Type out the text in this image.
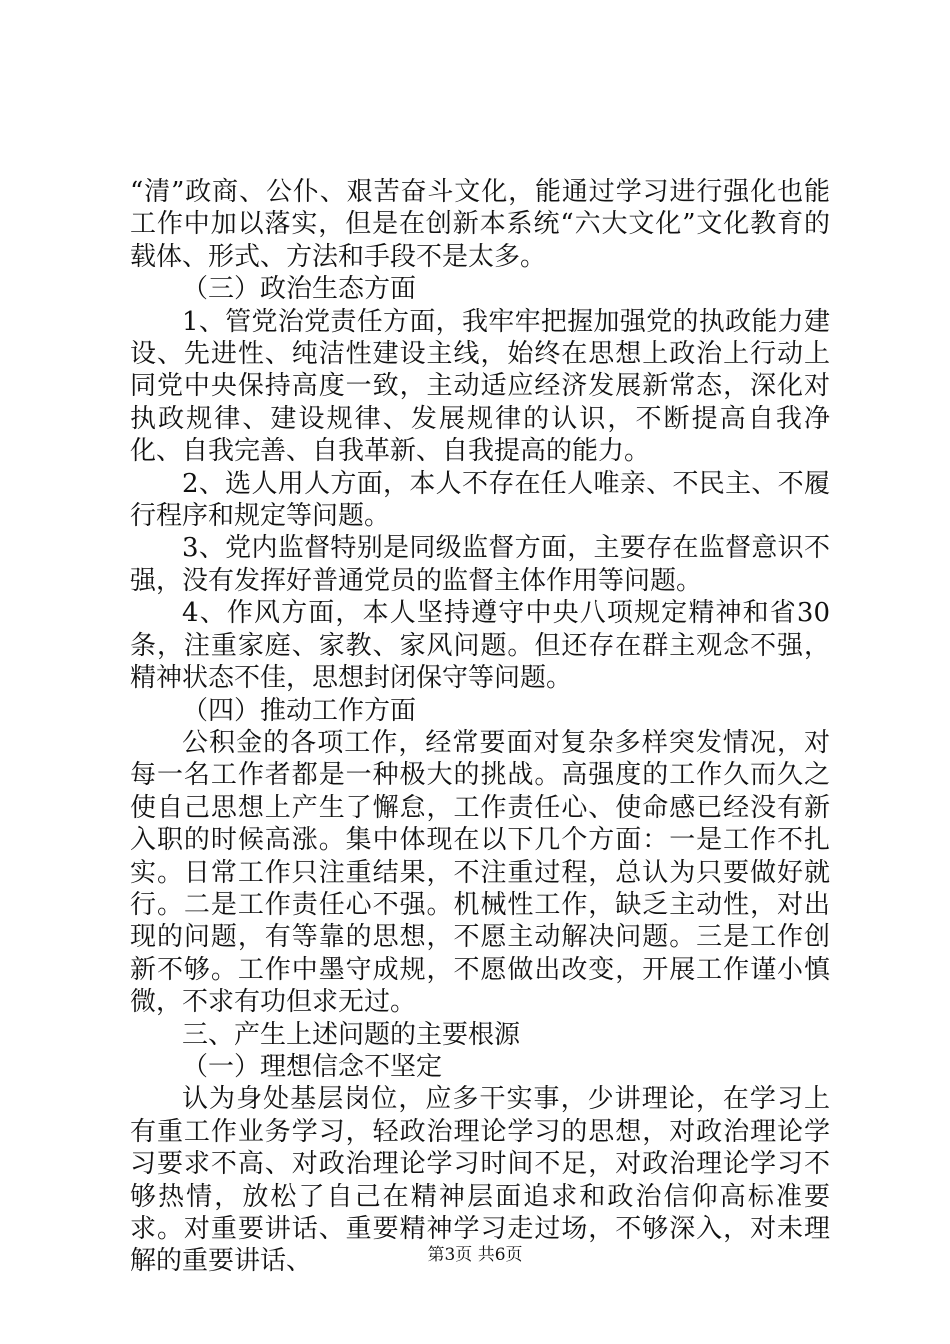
“清”政商、公仆、艰苦奋斗文化，能通过学习进行强化也能工作中加以落实，但是在创新本系统“六大文化”文化教育的载体、形式、方法和手段不是太多。

（三）政治生态方面

1、管党治党责任方面，我牢牢把握加强党的执政能力建设、先进性、纯洁性建设主线，始终在思想上政治上行动上同党中央保持高度一致，主动适应经济发展新常态，深化对执政规律、建设规律、发展规律的认识，不断提高自我净化、自我完善、自我革新、自我提高的能力。

2、选人用人方面，本人不存在任人唯亲、不民主、不履行程序和规定等问题。

3、党内监督特别是同级监督方面，主要存在监督意识不强，没有发挥好普通党员的监督主体作用等问题。

4、作风方面，本人坚持遵守中央八项规定精神和省30条，注重家庭、家教、家风问题。但还存在群主观念不强，精神状态不佳，思想封闭保守等问题。

（四）推动工作方面

公积金的各项工作，经常要面对复杂多样突发情况，对每一名工作者都是一种极大的挑战。高强度的工作久而久之使自己思想上产生了懈怠，工作责任心、使命感已经没有新入职的时候高涨。集中体现在以下几个方面：一是工作不扎实。日常工作只注重结果，不注重过程，总认为只要做好就行。二是工作责任心不强。机械性工作，缺乏主动性，对出现的问题，有等靠的思想，不愿主动解决问题。三是工作创新不够。工作中墨守成规，不愿做出改变，开展工作谨小慎微，不求有功但求无过。

三、产生上述问题的主要根源

（一）理想信念不坚定

认为身处基层岗位，应多干实事，少讲理论，在学习上有重工作业务学习，轻政治理论学习的思想，对政治理论学习要求不高、对政治理论学习时间不足，对政治理论学习不够热情，放松了自己在精神层面追求和政治信仰高标准要求。对重要讲话、重要精神学习走过场，不够深入，对未理解的重要讲话、	第3页 共6页
